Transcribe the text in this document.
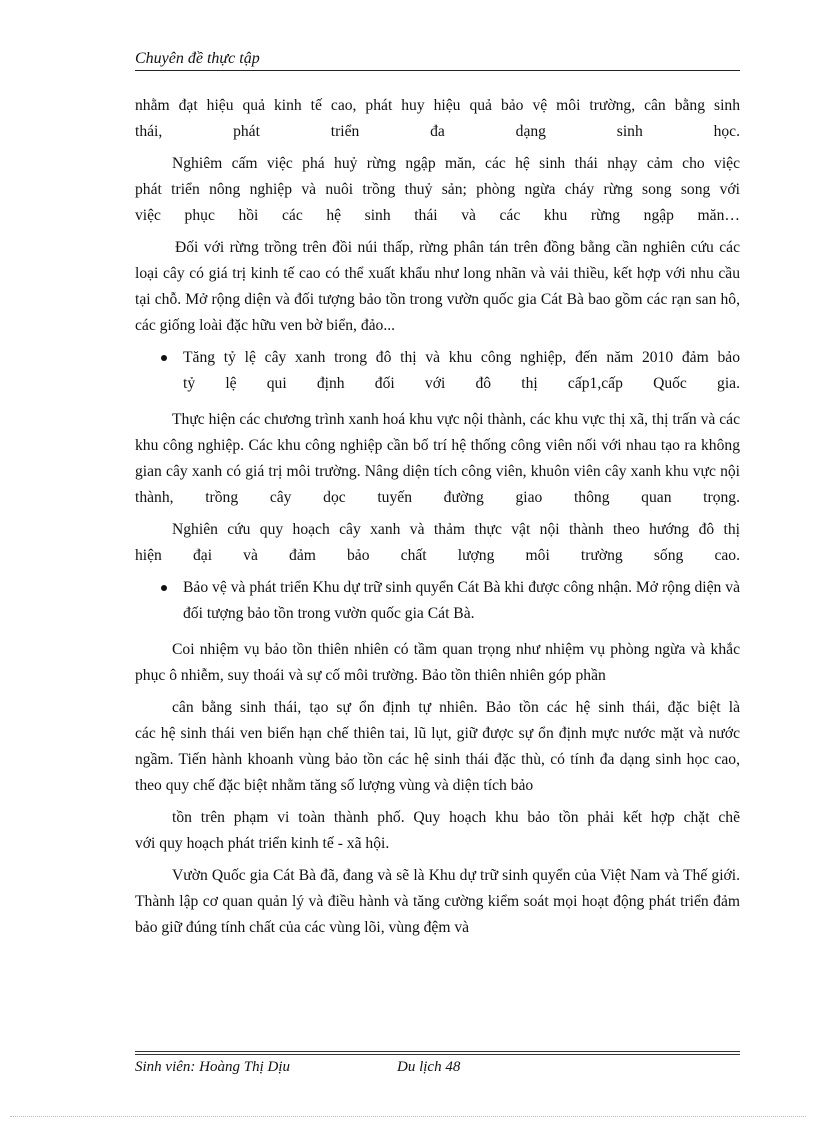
Chuyên đề thực tập

nhằm đạt hiệu quả kinh tế cao, phát huy hiệu quả bảo vệ môi trường, cân bằng sinh

thái, phát triển đa dạng sinh học.

Nghiêm cấm việc phá huỷ rừng ngập măn, các hệ sinh thái nhạy cảm cho việc

phát triển nông nghiệp và nuôi trồng thuỷ sản; phòng ngừa cháy rừng song song với

việc phục hồi các hệ sinh thái và các khu rừng ngập măn…

Đối với rừng trồng trên đồi núi thấp, rừng phân tán trên đồng bằng cần nghiên cứu các loại cây có giá trị kinh tế cao có thể xuất khẩu như long nhãn và vải thiều, kết hợp với nhu cầu tại chỗ. Mở rộng diện và đối tượng bảo tồn trong vườn quốc gia Cát Bà bao gồm các rạn san hô, các giống loài đặc hữu ven bờ biển, đảo...

Tăng tỷ lệ cây xanh trong đô thị và khu công nghiệp, đến năm 2010 đảm bảo
tỷ lệ qui định đối với đô thị cấp1,cấp Quốc gia.

Thực hiện các chương trình xanh hoá khu vực nội thành, các khu vực thị xã, thị trấn và các khu công nghiệp. Các khu công nghiệp cần bố trí hệ thống công viên nối với nhau tạo ra không gian cây xanh có giá trị môi trường. Nâng diện tích công viên, khuôn viên cây xanh khu vực nội thành, trồng cây dọc tuyến đường giao thông quan trọng.

Nghiên cứu quy hoạch cây xanh và thảm thực vật nội thành theo hướng đô thị

hiện đại và đảm bảo chất lượng môi trường sống cao.

Bảo vệ và phát triển Khu dự trữ sinh quyển Cát Bà khi được công nhận. Mở rộng diện và đối tượng bảo tồn trong vườn quốc gia Cát Bà.

Coi nhiệm vụ bảo tồn thiên nhiên có tầm quan trọng như nhiệm vụ phòng ngừa và khắc phục ô nhiễm, suy thoái và sự cố môi trường. Bảo tồn thiên nhiên góp phần

cân bằng sinh thái, tạo sự ổn định tự nhiên. Bảo tồn các hệ sinh thái, đặc biệt là

các hệ sinh thái ven biển hạn chế thiên tai, lũ lụt, giữ được sự ổn định mực nước mặt và nước ngầm. Tiến hành khoanh vùng bảo tồn các hệ sinh thái đặc thù, có tính đa dạng sinh học cao, theo quy chế đặc biệt nhằm tăng số lượng vùng và diện tích bảo

tồn trên phạm vi toàn thành phố. Quy hoạch khu bảo tồn phải kết hợp chặt chẽ

với quy hoạch phát triển kinh tế - xã hội.

Vườn Quốc gia Cát Bà đã, đang và sẽ là Khu dự trữ sinh quyển của Việt Nam và Thế giới. Thành lập cơ quan quản lý và điều hành và tăng cường kiểm soát mọi hoạt động phát triển đảm bảo giữ đúng tính chất của các vùng lõi, vùng đệm và

Sinh viên: Hoàng Thị Dịu	Du lịch 48
